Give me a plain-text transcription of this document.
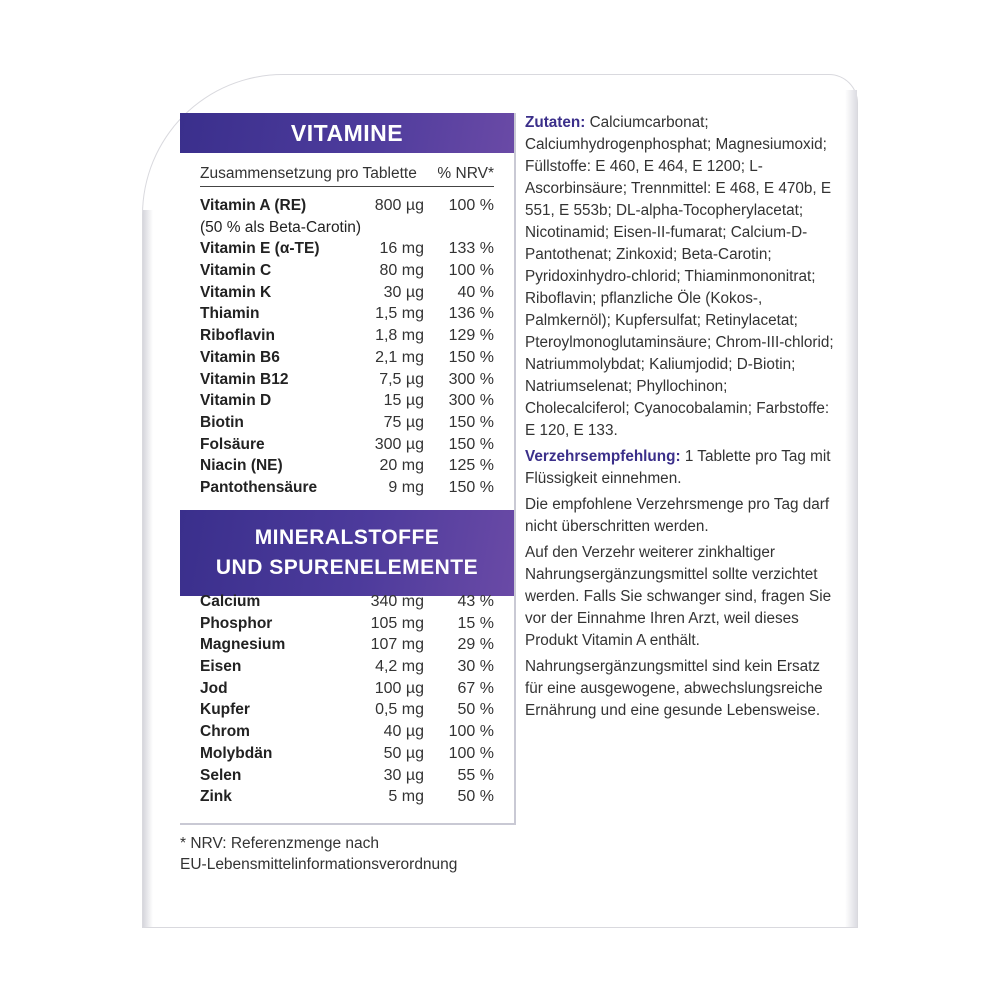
VITAMINE
Zusammensetzung pro Tablette % NRV*
Vitamin A (RE)	800 µg	100 %
(50 % als Beta-Carotin)
Vitamin E (α-TE)	16 mg	133 %
Vitamin C	80 mg	100 %
Vitamin K	30 µg	40 %
Thiamin	1,5 mg	136 %
Riboflavin	1,8 mg	129 %
Vitamin B6	2,1 mg	150 %
Vitamin B12	7,5 µg	300 %
Vitamin D	15 µg	300 %
Biotin	75 µg	150 %
Folsäure	300 µg	150 %
Niacin (NE)	20 mg	125 %
Pantothensäure	9 mg	150 %
MINERALSTOFFE
UND SPURENELEMENTE
Calcium	340 mg	43 %
Phosphor	105 mg	15 %
Magnesium	107 mg	29 %
Eisen	4,2 mg	30 %
Jod	100 µg	67 %
Kupfer	0,5 mg	50 %
Chrom	40 µg	100 %
Molybdän	50 µg	100 %
Selen	30 µg	55 %
Zink	5 mg	50 %
* NRV: Referenzmenge nach
EU-Lebensmittelinformationsverordnung

Zutaten: Calciumcarbonat; Calciumhydrogenphosphat; Magnesiumoxid; Füllstoffe: E 460, E 464, E 1200; L-Ascorbinsäure; Trennmittel: E 468, E 470b, E 551, E 553b; DL-alpha-Tocopherylacetat; Nicotinamid; Eisen-II-fumarat; Calcium-D-Pantothenat; Zinkoxid; Beta-Carotin; Pyridoxinhydro-chlorid; Thiaminmononitrat; Riboflavin; pflanzliche Öle (Kokos-, Palmkernöl); Kupfersulfat; Retinylacetat; Pteroylmonoglutaminsäure; Chrom-III-chlorid; Natriummolybdat; Kaliumjodid; D-Biotin; Natriumselenat; Phyllochinon; Cholecalciferol; Cyanocobalamin; Farbstoffe: E 120, E 133.

Verzehrsempfehlung: 1 Tablette pro Tag mit Flüssigkeit einnehmen.

Die empfohlene Verzehrsmenge pro Tag darf nicht überschritten werden.

Auf den Verzehr weiterer zinkhaltiger Nahrungsergänzungsmittel sollte verzichtet werden. Falls Sie schwanger sind, fragen Sie vor der Einnahme Ihren Arzt, weil dieses Produkt Vitamin A enthält.

Nahrungsergänzungsmittel sind kein Ersatz für eine ausgewogene, abwechslungsreiche Ernährung und eine gesunde Lebensweise.
